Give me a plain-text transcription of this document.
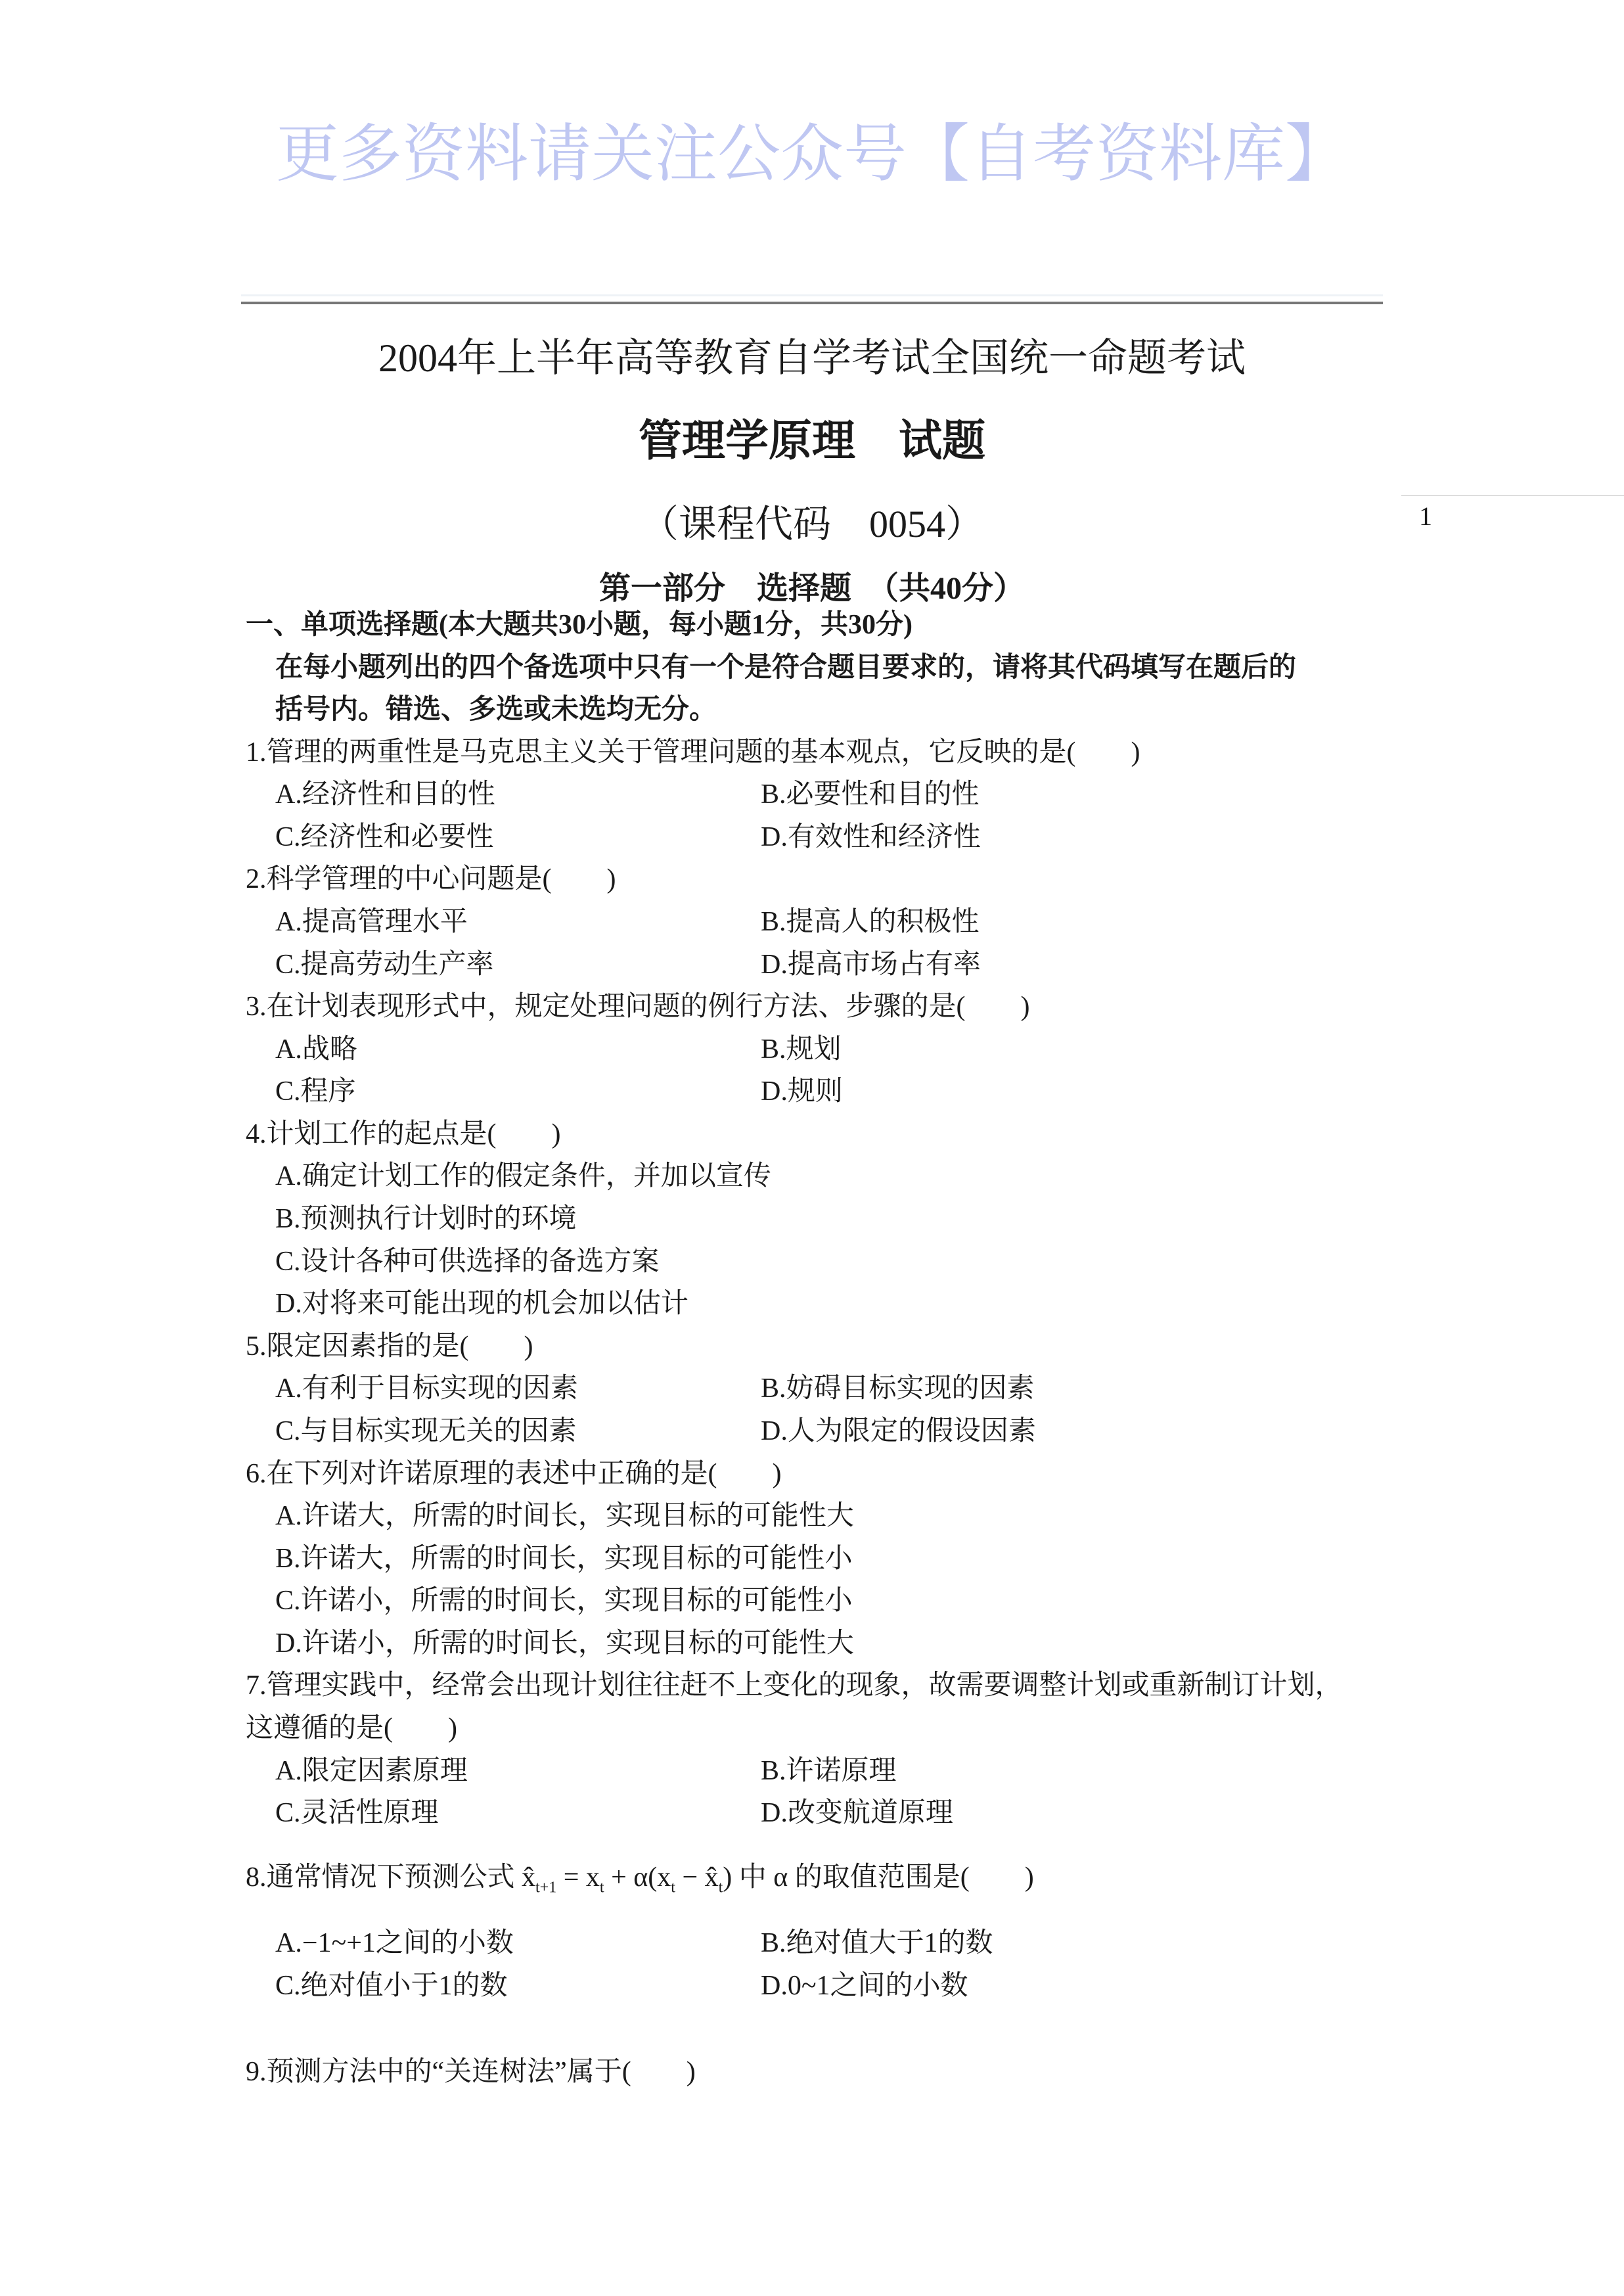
更多资料请关注公众号【自考资料库】
2004年上半年高等教育自学考试全国统一命题考试
管理学原理　试题
（课程代码　0054）	1
第一部分　选择题　（共40分）
一、单项选择题(本大题共30小题，每小题1分，共30分)
在每小题列出的四个备选项中只有一个是符合题目要求的，请将其代码填写在题后的
括号内。错选、多选或未选均无分。
1.管理的两重性是马克思主义关于管理问题的基本观点，它反映的是(　　)
A.经济性和目的性	B.必要性和目的性
C.经济性和必要性	D.有效性和经济性
2.科学管理的中心问题是(　　)
A.提高管理水平	B.提高人的积极性
C.提高劳动生产率	D.提高市场占有率
3.在计划表现形式中，规定处理问题的例行方法、步骤的是(　　)
A.战略	B.规划
C.程序	D.规则
4.计划工作的起点是(　　)
A.确定计划工作的假定条件，并加以宣传
B.预测执行计划时的环境
C.设计各种可供选择的备选方案
D.对将来可能出现的机会加以估计
5.限定因素指的是(　　)
A.有利于目标实现的因素	B.妨碍目标实现的因素
C.与目标实现无关的因素	D.人为限定的假设因素
6.在下列对许诺原理的表述中正确的是(　　)
A.许诺大，所需的时间长，实现目标的可能性大
B.许诺大，所需的时间长，实现目标的可能性小
C.许诺小，所需的时间长，实现目标的可能性小
D.许诺小，所需的时间长，实现目标的可能性大
7.管理实践中，经常会出现计划往往赶不上变化的现象，故需要调整计划或重新制订计划，
这遵循的是(　　)
A.限定因素原理	B.许诺原理
C.灵活性原理	D.改变航道原理
8.通常情况下预测公式 $x̂_{t+1} = x_t + \alpha(x_t$ − $x̂_t$) 中 α 的取值范围是(　　)
A.−1~+1之间的小数	B.绝对值大于1的数
C.绝对值小于1的数	D.0~1之间的小数
9.预测方法中的“关连树法”属于(　　)
